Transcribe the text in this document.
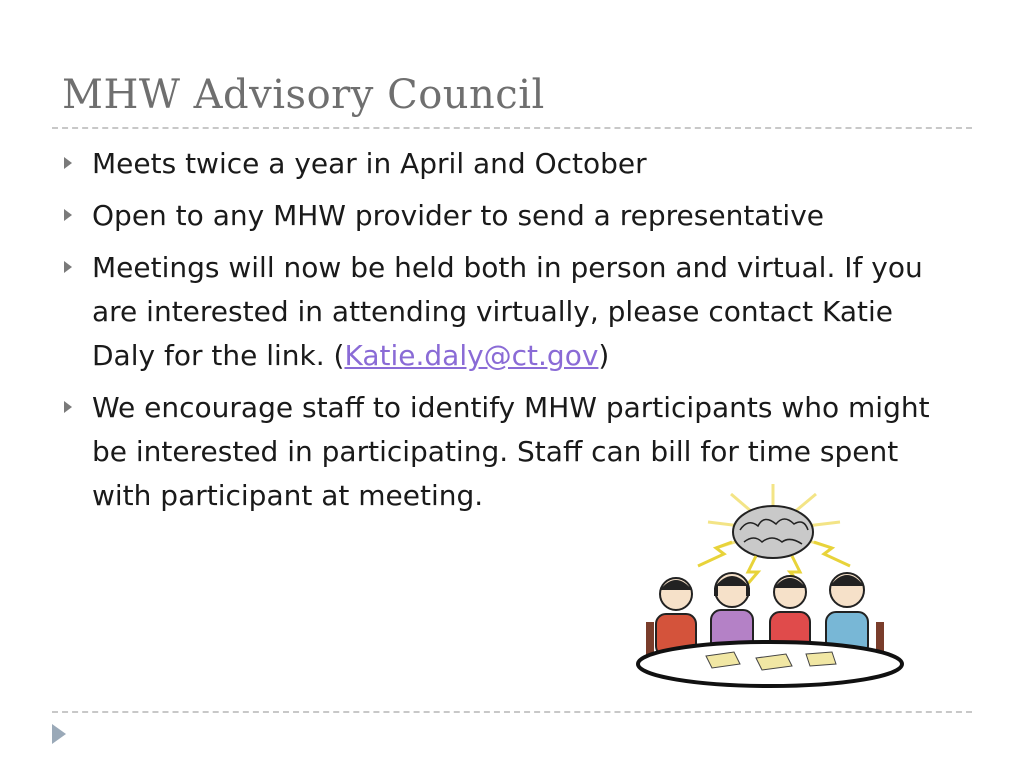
MHW Advisory Council
Meets twice a year in April and October
Open to any MHW provider to send a representative
Meetings will now be held both in person and virtual. If you are interested in attending virtually, please contact Katie Daly for the link. (Katie.daly@ct.gov)
We encourage staff to identify MHW participants who might be interested in participating. Staff can bill for time spent with participant at meeting.
